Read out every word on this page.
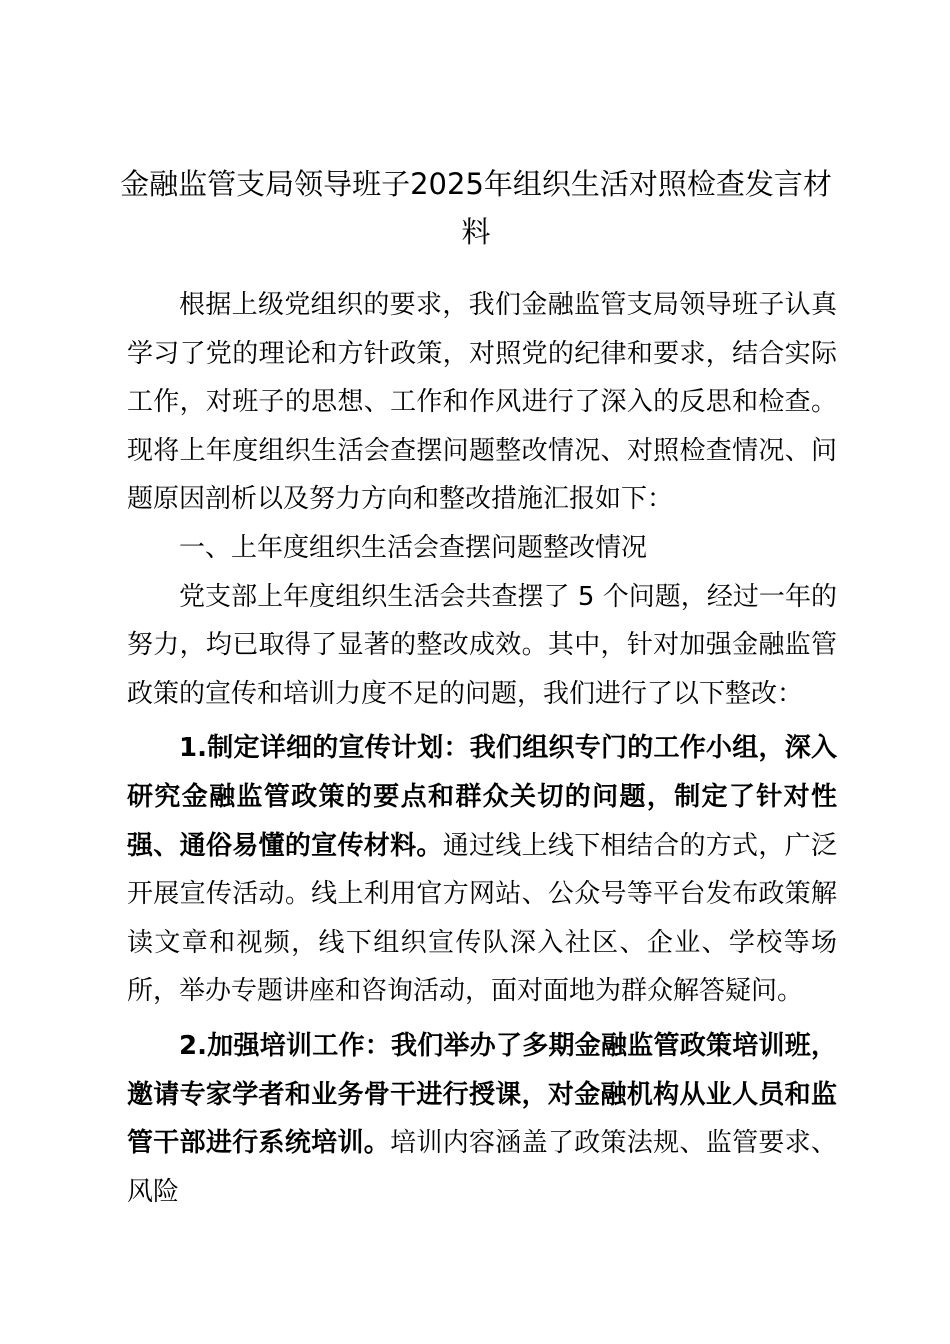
金融监管支局领导班子2025年组织生活对照检查发言材料

根据上级党组织的要求，我们金融监管支局领导班子认真学习了党的理论和方针政策，对照党的纪律和要求，结合实际工作，对班子的思想、工作和作风进行了深入的反思和检查。现将上年度组织生活会查摆问题整改情况、对照检查情况、问题原因剖析以及努力方向和整改措施汇报如下：

一、上年度组织生活会查摆问题整改情况

党支部上年度组织生活会共查摆了 5 个问题，经过一年的努力，均已取得了显著的整改成效。其中，针对加强金融监管政策的宣传和培训力度不足的问题，我们进行了以下整改：

1.制定详细的宣传计划：我们组织专门的工作小组，深入研究金融监管政策的要点和群众关切的问题，制定了针对性强、通俗易懂的宣传材料。通过线上线下相结合的方式，广泛开展宣传活动。线上利用官方网站、公众号等平台发布政策解读文章和视频，线下组织宣传队深入社区、企业、学校等场所，举办专题讲座和咨询活动，面对面地为群众解答疑问。

2.加强培训工作：我们举办了多期金融监管政策培训班，邀请专家学者和业务骨干进行授课，对金融机构从业人员和监管干部进行系统培训。培训内容涵盖了政策法规、监管要求、风险
